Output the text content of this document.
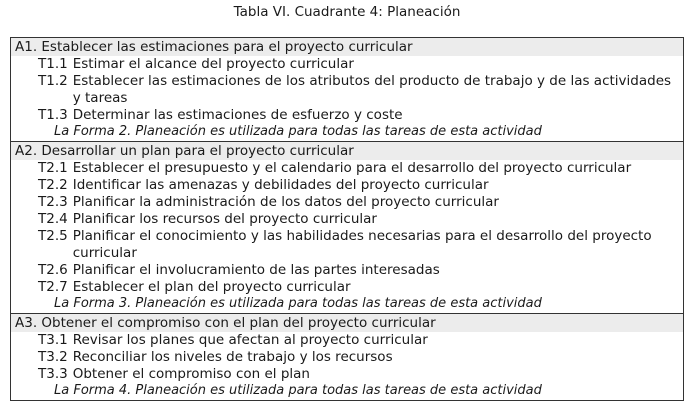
Tabla VI. Cuadrante 4: Planeación
A1. Establecer las estimaciones para el proyecto curricular
T1.1 Estimar el alcance del proyecto curricular
T1.2 Establecer las estimaciones de los atributos del producto de trabajo y de las actividades y tareas
T1.3 Determinar las estimaciones de esfuerzo y coste
La Forma 2. Planeación es utilizada para todas las tareas de esta actividad
A2. Desarrollar un plan para el proyecto curricular
T2.1 Establecer el presupuesto y el calendario para el desarrollo del proyecto curricular
T2.2 Identificar las amenazas y debilidades del proyecto curricular
T2.3 Planificar la administración de los datos del proyecto curricular
T2.4 Planificar los recursos del proyecto curricular
T2.5 Planificar el conocimiento y las habilidades necesarias para el desarrollo del proyecto curricular
T2.6 Planificar el involucramiento de las partes interesadas
T2.7 Establecer el plan del proyecto curricular
La Forma 3. Planeación es utilizada para todas las tareas de esta actividad
A3. Obtener el compromiso con el plan del proyecto curricular
T3.1 Revisar los planes que afectan al proyecto curricular
T3.2 Reconciliar los niveles de trabajo y los recursos
T3.3 Obtener el compromiso con el plan
La Forma 4. Planeación es utilizada para todas las tareas de esta actividad
